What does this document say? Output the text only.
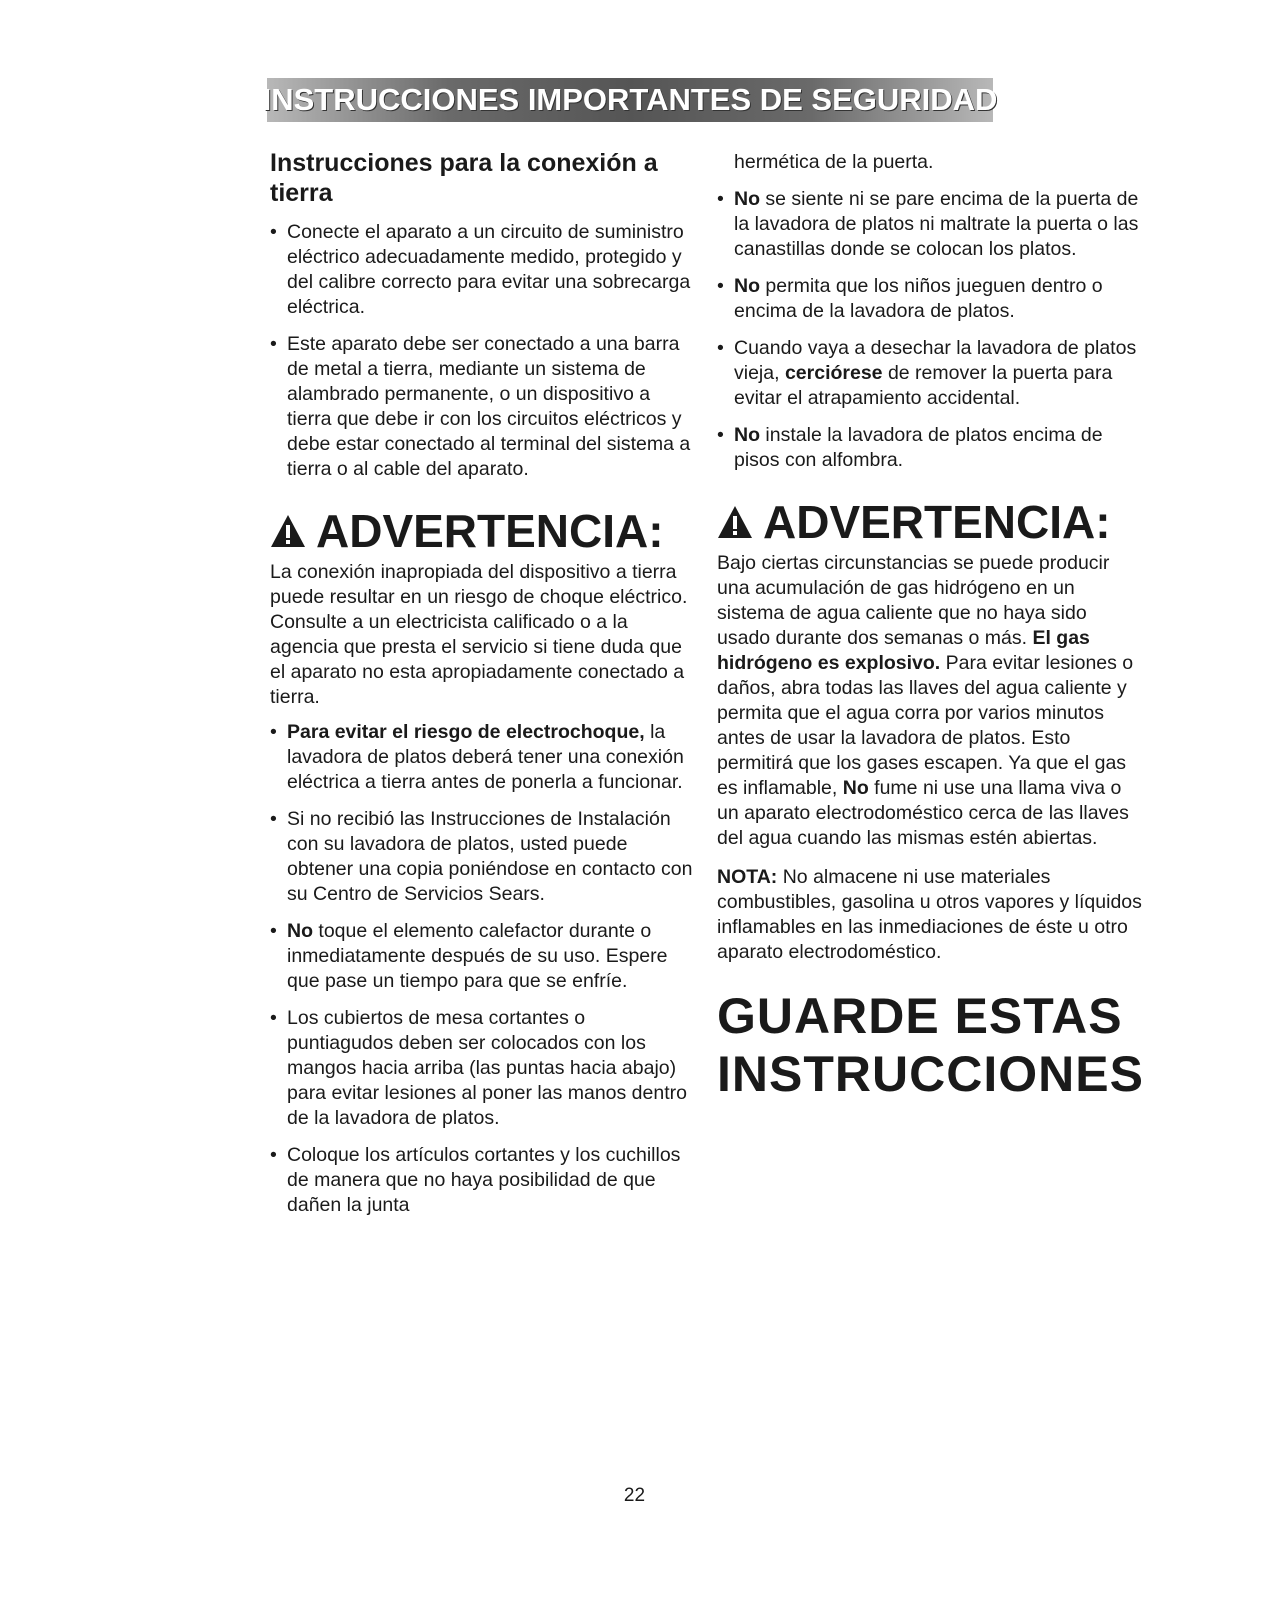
INSTRUCCIONES IMPORTANTES DE SEGURIDAD
Instrucciones para la conexión a tierra

• Conecte el aparato a un circuito de suministro eléctrico adecuadamente medido, protegido y del calibre correcto para evitar una sobrecarga eléctrica.

• Este aparato debe ser conectado a una barra de metal a tierra, mediante un sistema de alambrado permanente, o un dispositivo a tierra que debe ir con los circuitos eléctricos y debe estar conectado al terminal del sistema a tierra o al cable del aparato.

ADVERTENCIA:

La conexión inapropiada del dispositivo a tierra puede resultar en un riesgo de choque eléctrico. Consulte a un electricista calificado o a la agencia que presta el servicio si tiene duda que el aparato no esta apropiadamente conectado a tierra.

• Para evitar el riesgo de electrochoque, la lavadora de platos deberá tener una conexión eléctrica a tierra antes de ponerla a funcionar.

• Si no recibió las Instrucciones de Instalación con su lavadora de platos, usted puede obtener una copia poniéndose en contacto con su Centro de Servicios Sears.

• No toque el elemento calefactor durante o inmediatamente después de su uso. Espere que pase un tiempo para que se enfríe.

• Los cubiertos de mesa cortantes o puntiagudos deben ser colocados con los mangos hacia arriba (las puntas hacia abajo) para evitar lesiones al poner las manos dentro de la lavadora de platos.

• Coloque los artículos cortantes y los cuchillos de manera que no haya posibilidad de que dañen la junta

hermética de la puerta.

• No se siente ni se pare encima de la puerta de la lavadora de platos ni maltrate la puerta o las canastillas donde se colocan los platos.

• No permita que los niños jueguen dentro o encima de la lavadora de platos.

• Cuando vaya a desechar la lavadora de platos vieja, cerciórese de remover la puerta para evitar el atrapamiento accidental.

• No instale la lavadora de platos encima de pisos con alfombra.

ADVERTENCIA:

Bajo ciertas circunstancias se puede producir una acumulación de gas hidrógeno en un sistema de agua caliente que no haya sido usado durante dos semanas o más. El gas hidrógeno es explosivo. Para evitar lesiones o daños, abra todas las llaves del agua caliente y permita que el agua corra por varios minutos antes de usar la lavadora de platos. Esto permitirá que los gases escapen. Ya que el gas es inflamable, No fume ni use una llama viva o un aparato electrodoméstico cerca de las llaves del agua cuando las mismas estén abiertas.

NOTA: No almacene ni use materiales combustibles, gasolina u otros vapores y líquidos inflamables en las inmediaciones de éste u otro aparato electrodoméstico.

GUARDE ESTAS
INSTRUCCIONES
22
